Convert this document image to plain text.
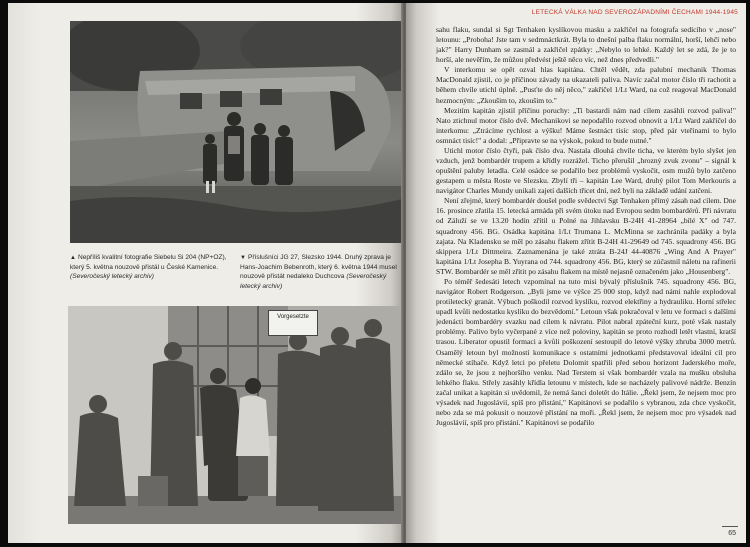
▲ Nepříliš kvalitní fotografie Siebelu Si 204 (NP+OZ), který 5. května nouzově přistál u České Kamenice. (Severočeský letecký archiv)
▼ Příslušníci JG 27, Slezsko 1944. Druhý zprava je Hans-Joachim Bebenroth, který 6. května 1944 musel nouzově přistát nedaleko Duchcova (Severočeský letecký archiv)
Vorgesetzte
LETECKÁ VÁLKA NAD SEVEROZÁPADNÍMI ČECHAMI 1944-1945

sahu flaku, sundal si Sgt Tenhaken kyslíkovou masku a zakřičel na fotografa sedícího v „nose" letounu: „Proboha! Jste tam v sedmnáctkrát. Byla to dnešní palba flaku normální, horší, lehčí nebo jak?" Harry Dunham se zasmál a zakřičel zpátky: „Nebylo to lehké. Každý let se zdá, že je to horší, ale nevěřím, že můžou předvést ještě něco víc, než dnes předvedli."

V interkomu se opět ozval hlas kapitána. Chtěl vědět, zda palubní mechanik Thomas MacDonald zjistil, co je příčinou závady na ukazateli paliva. Navíc začal motor číslo tři rachotit a během chvíle utichl úplně. „Pusťte do něj něco," zakřičel 1/Lt Ward, na což reagoval MacDonald hezmocným: „Zkoušim to, zkoušim to."

Mezitím kapitán zjistil příčinu poruchy: „Ti bastardi nám nad cílem zasáhli rozvod paliva!" Nato ztichnul motor číslo dvě. Mechanikovi se nepodařilo rozvod obnovit a 1/Lt Ward zakřičel do interkomu: „Ztrácíme rychlost a výšku! Máme šestnáct tisíc stop, před pár vteřinami to bylo osmnáct tisíc!" a dodal: „Připravte se na výskok, pokud to bude nutné."

Utichl motor číslo čtyři, pak číslo dva. Nastala dlouhá chvíle ticha, ve kterém bylo slyšet jen vzduch, jenž bombardér trupem a křídly rozrážel. Ticho přerušil „hrozný zvuk zvonu" – signál k opuštění paluby letadla. Celé osádce se podařilo bez problémů vyskočit, osm mužů bylo zatčeno gestapem u města Roste ve Slezsku. Zbylí tři – kapitán Lee Ward, druhý pilot Tom Merkouris a navigátor Charles Mundy unikali zajetí dalších třicet dní, než byli na základě udání zatčeni.

Není zřejmé, který bombardér doušel podle svědectví Sgt Tenhaken přímý zásah nad cílem. Dne 16. prosince zřatila 15. letecká armáda při svém útoku nad Evropou sedm bombardérů. Při návratu od Záluží se ve 13.20 hodin zřítil u Polné na Jihlavsku B-24H 41-28964 „bílé X" od 747. squadrony 456. BG. Osádka kapitána 1/Lt Trumana L. McMinna se zachránila padáky a byla zajata. Na Kladensku se měl po zásahu flakem zřítit B-24H 41-29649 od 745. squadrony 456. BG skippera 1/Lt Dittmeira. Zaznamenána je také ztráta B-24J 44-40876 „Wing And A Prayer" kapitána 1/Lt Josepha B. Yuyrana od 744. squadrony 456. BG, který se zúčastnil náletu na rafinerii STW. Bombardér se měl zřítit po zásahu flakem na místě nejasně označeném jako „Housenberg".

Po téměř šedesáti letech vzpomínal na tuto misi bývalý příslušník 745. squadrony 456. BG, navigátor Robert Rodgerson. „Byli jsme ve výšce 25 000 stop, když nad námi nahle explodoval protiletecký granát. Výbuch poškodil rozvod kyslíku, rozvod elektřiny a hydrauliku. Horní střelec upadl kvůli nedostatku kyslíku do bezvědomí." Letoun však pokračoval v letu ve formaci s dalšími jedenácti bombardéry svazku nad cílem k návratu. Pilot nabral zpáteční kurz, poté však nastaly problémy. Palivo bylo vyčerpané z více než poloviny, kapitán se proto rozhodl letět vlastní, kratší trasou. Liberator opustil formaci a kvůli poškození sestoupil do letové výšky zhruba 3000 metrů. Osamělý letoun byl možností komunikace s ostatními jednotkami představoval ideální cíl pro německé stíhače. Když letci po přeletu Dolomit spatřili před sebou horizont Jaderského moře, zdálo se, že jsou z nejhoršího venku. Nad Terstem si však bombardér vzala na mušku obsluha lehkého flaku. Střely zasáhly křídla letounu v místech, kde se nacházely palivové nádrže. Benzín začal unikat a kapitán si uvědomil, že nemá šanci doletět do Itálie. „Řekl jsem, že nejsem moc pro výsadek nad Jugoslávií, spíš pro přistání," Kapitánovi se podařilo s vybranou, zda chce vyskočit, nebo zda se má pokusit o nouzové přistání na moři. „Řekl jsem, že nejsem moc pro výsadek nad Jugoslávií, spíš pro přistání." Kapitánovi se podařilo

65
